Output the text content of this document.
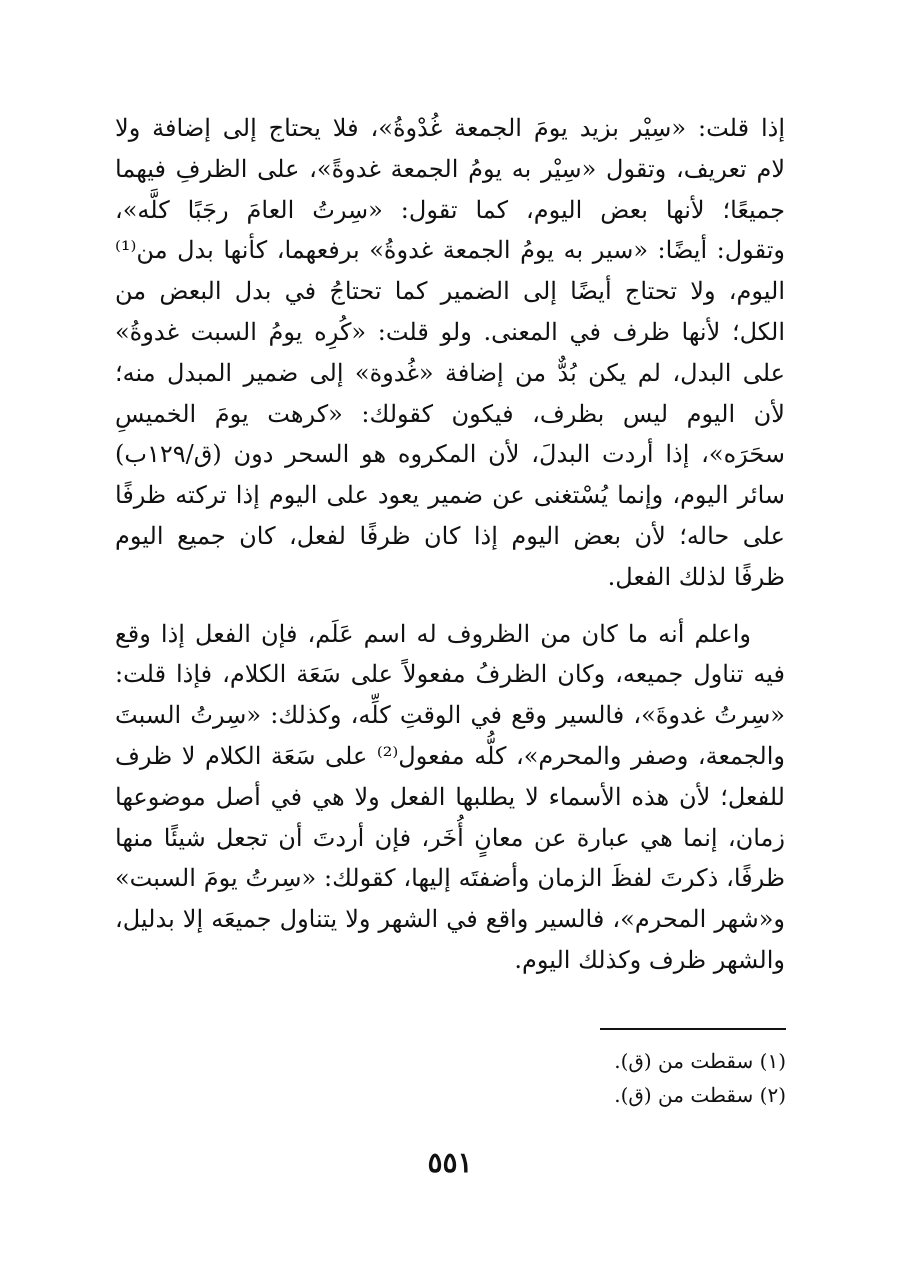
إذا قلت: «سِيْر بزيد يومَ الجمعة غُدْوةُ»، فلا يحتاج إلى إضافة ولا
لام تعريف، وتقول «سِيْر به يومُ الجمعة غدوةً»، على الظرفِ فيهما
جميعًا؛ لأنها بعض اليوم، كما تقول: «سِرتُ العامَ رجَبًا كلَّه»،
وتقول: أيضًا: «سير به يومُ الجمعة غدوةُ» برفعهما، كأنها بدل من⁽¹⁾
اليوم، ولا تحتاج أيضًا إلى الضمير كما تحتاجُ في بدل البعض من
الكل؛ لأنها ظرف في المعنى. ولو قلت: «كُرِه يومُ السبت غدوةُ»
على البدل، لم يكن بُدٌّ من إضافة «غُدوة» إلى ضمير المبدل منه؛
لأن اليوم ليس بظرف، فيكون كقولك: «كرهت يومَ الخميسِ
سحَرَه»، إذا أردت البدلَ، لأن المكروه هو السحر دون (ق/١٢٩ب)
سائر اليوم، وإنما يُسْتغنى عن ضمير يعود على اليوم إذا تركته ظرفًا
على حاله؛ لأن بعض اليوم إذا كان ظرفًا لفعل، كان جميع اليوم
ظرفًا لذلك الفعل.

واعلم أنه ما كان من الظروف له اسم عَلَم، فإن الفعل إذا وقع
فيه تناول جميعه، وكان الظرفُ مفعولاً على سَعَة الكلام، فإذا قلت:
«سِرتُ غدوةَ»، فالسير وقع في الوقتِ كلِّه، وكذلك: «سِرتُ السبتَ
والجمعة، وصفر والمحرم»، كلُّه مفعول⁽²⁾ على سَعَة الكلام لا ظرف
للفعل؛ لأن هذه الأسماء لا يطلبها الفعل ولا هي في أصل موضوعها
زمان، إنما هي عبارة عن معانٍ أُخَر، فإن أردتَ أن تجعل شيئًا منها
ظرفًا، ذكرتَ لفظَ الزمان وأضفتَه إليها، كقولك: «سِرتُ يومَ السبت»
و«شهر المحرم»، فالسير واقع في الشهر ولا يتناول جميعَه إلا بدليل،
والشهر ظرف وكذلك اليوم.

(١) سقطت من (ق).
(٢) سقطت من (ق).
٥٥١
